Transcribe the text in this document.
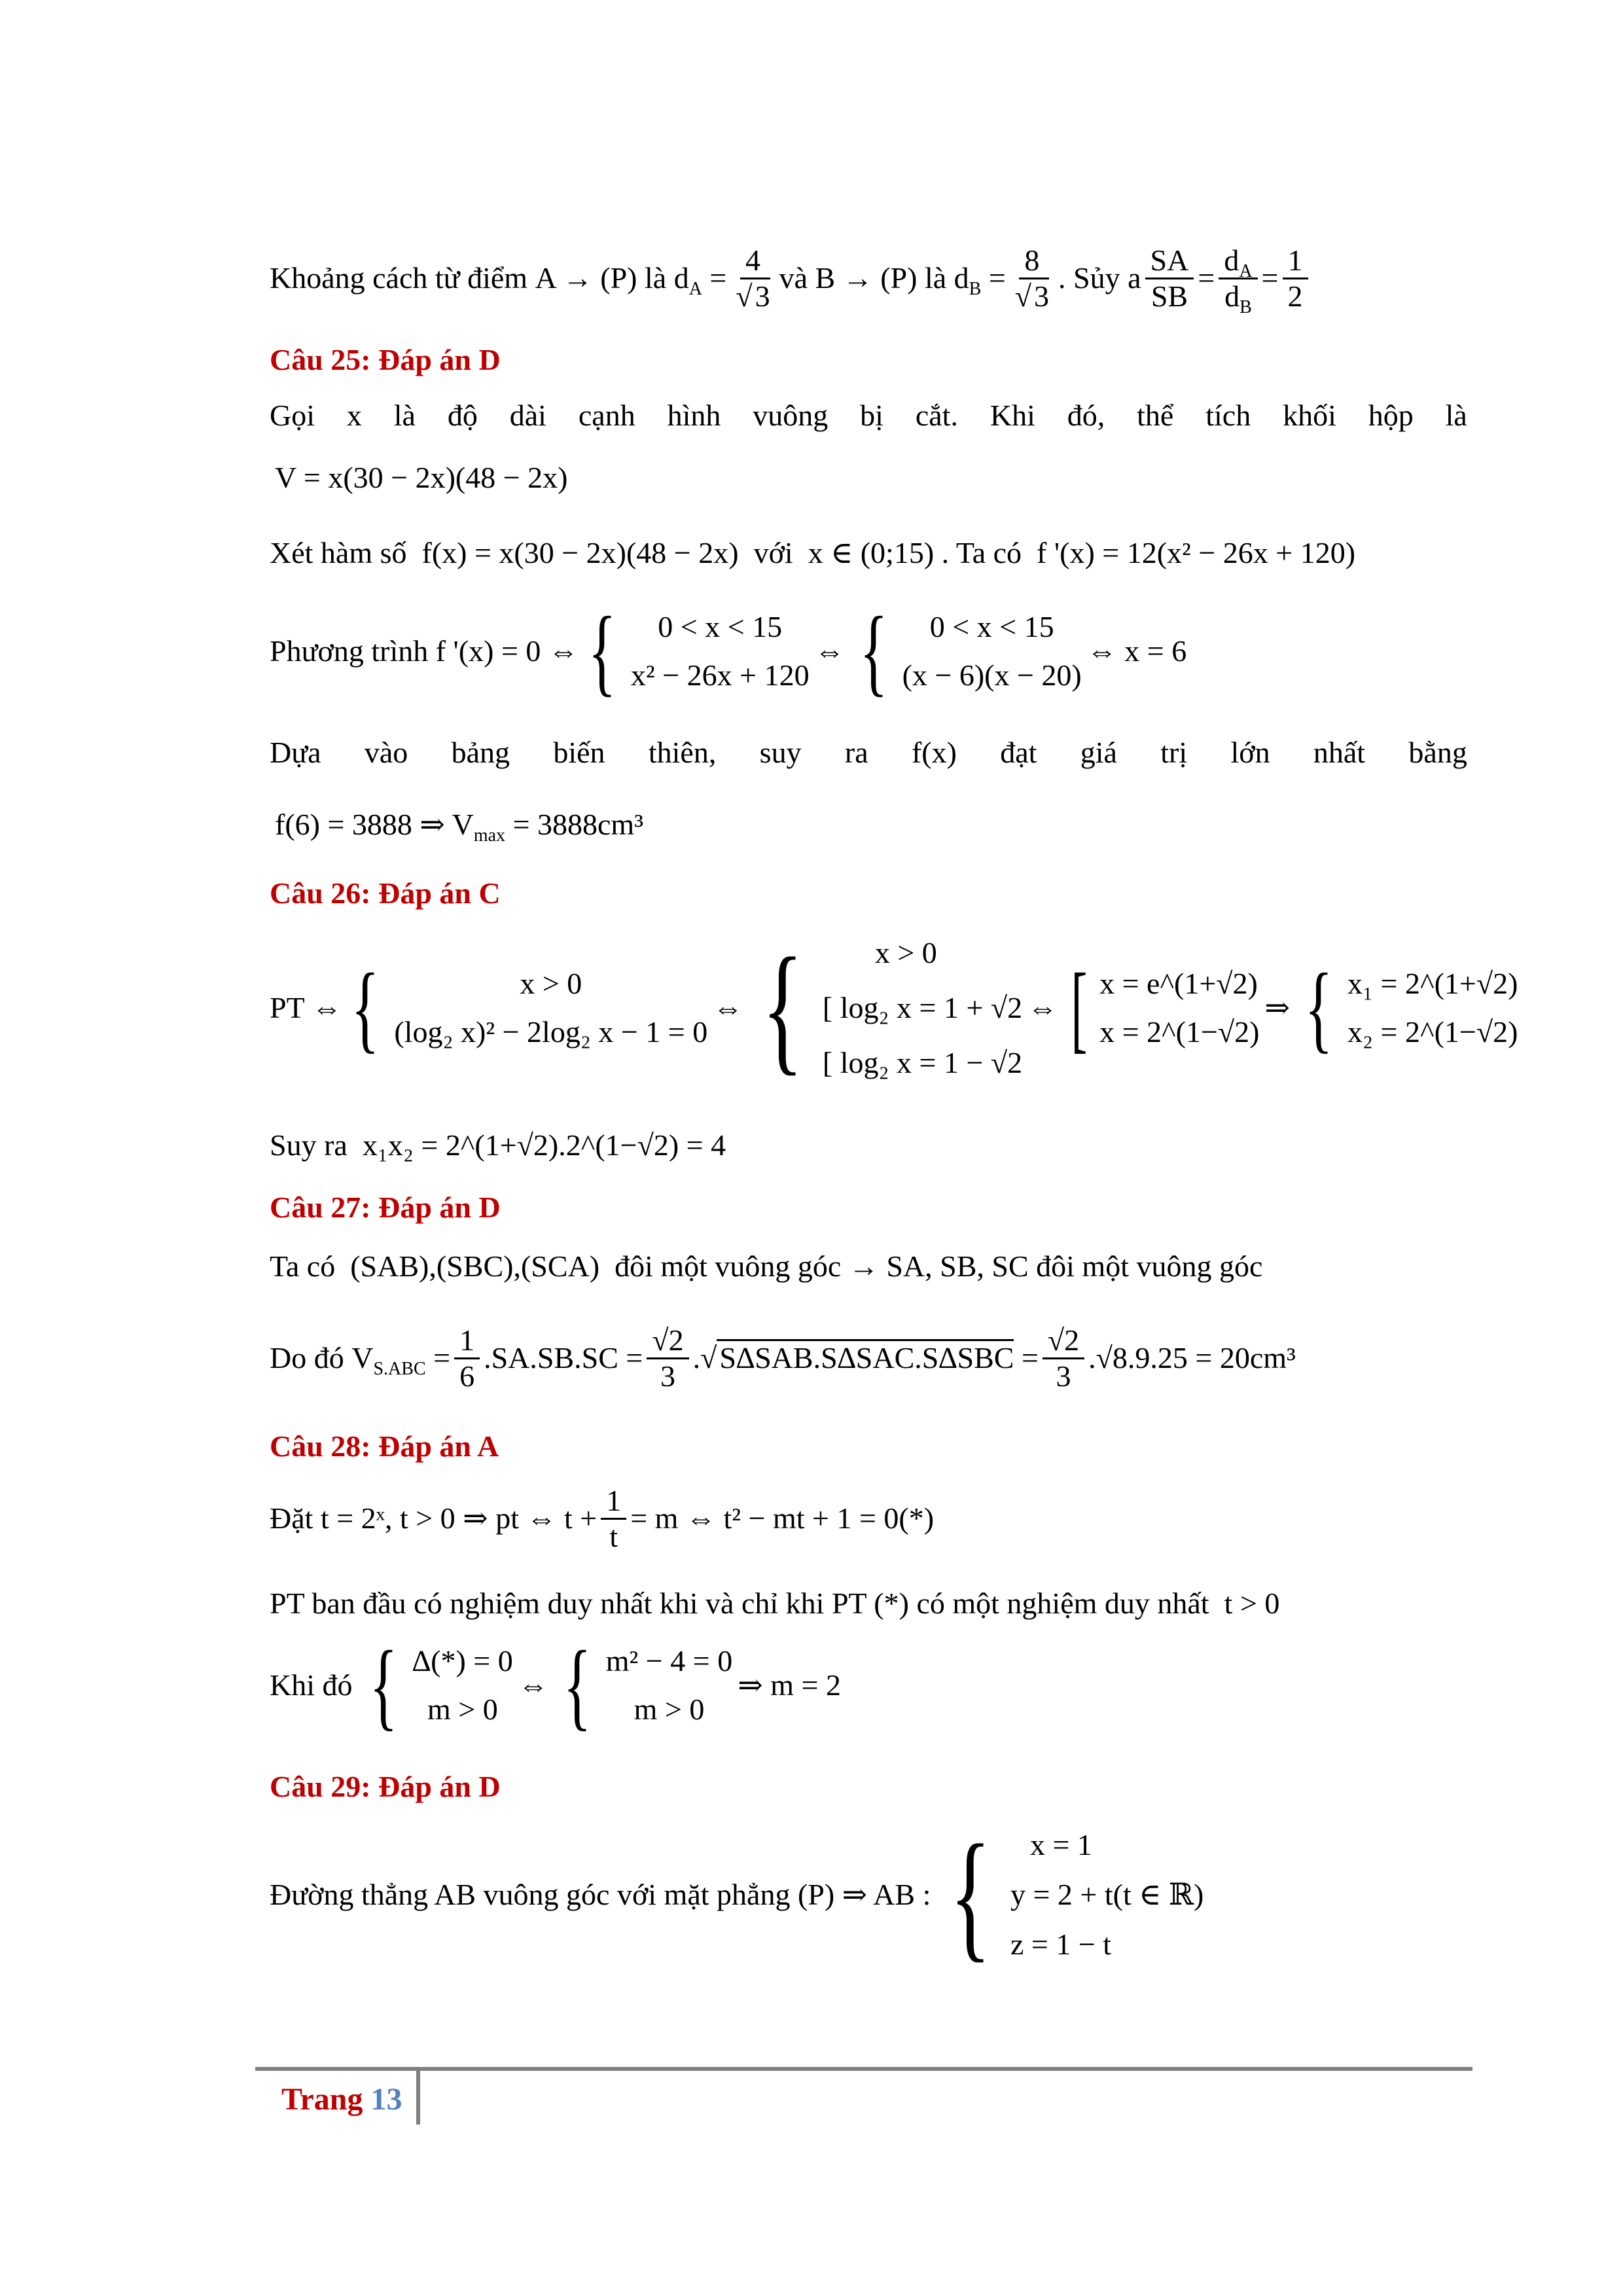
Khoảng cách từ điểm
A → (P)
là
$d_A = \frac{4}{√3}$ và
B → (P)
là
$d_B = \frac{8}{√3}$ . Sủy a $\frac{SA}{SB} = \frac{d_A}{d_B} = \frac{1}{2}$
Câu 25: Đáp án D
Gọi x là độ dài cạnh hình vuông bị cắt. Khi đó, thể tích khối hộp là
V = x(30 − 2x)(48 − 2x)
Xét hàm số f(x) = x(30 − 2x)(48 − 2x) với x ∈ (0;15) . Ta có f '(x) = 12(x² − 26x + 120)
Phương trình
f '(x) = 0 ⇔ { 0 < x < 15
x² − 26x + 120
⇔ { 0 < x < 15
(x − 6)(x − 20)
⇔ x = 6
Dựa vào bảng biến thiên, suy ra f(x) đạt giá trị lớn nhất bằng
f(6) = 3888 ⇒ $V_{max} = 3888cm^3$
Câu 26: Đáp án C
PT ⇔ {	x > 0
(log₂ x)² − 2log₂ x − 1 = 0
⇔ {	x > 0
[ log₂ x = 1 + √2
[ log₂ x = 1 − √2
⇔ [ x = e^(1+√2)
x = 2^(1−√2)
⇒ { x₁ = 2^(1+√2)
x₂ = 2^(1−√2)
Suy ra x₁x₂ = 2^(1+√2).2^(1−√2) = 4
Câu 27: Đáp án D
Ta có (SAB),(SBC),(SCA) đôi một vuông góc → SA, SB, SC đôi một vuông góc
Do đó
$V_{S.ABC} = \frac{1}{6} .SA.SB.SC = \frac{√2}{3} .√S\Delta SAB.S\Delta SAC.S\Delta SBC = \frac{√2}{3} .√8.9.25 = 20cm^3$
Câu 28: Đáp án A
Đặt
t = 2ˣ, t > 0 ⇒ pt ⇔ $t + \frac{1}{t} = m$ ⇔ t² − mt + 1 = 0(*)
PT ban đầu có nghiệm duy nhất khi và chỉ khi PT (*) có một nghiệm duy nhất t > 0
Khi đó
{ ∆(*) = 0
m > 0
⇔ { m² − 4 = 0
m > 0
⇒ m = 2
Câu 29: Đáp án D
Đường thẳng AB vuông góc với mặt phẳng (P) ⇒ AB : {	x = 1
y = 2 + t(t ∈ ℝ)
z = 1 − t
Trang 13
